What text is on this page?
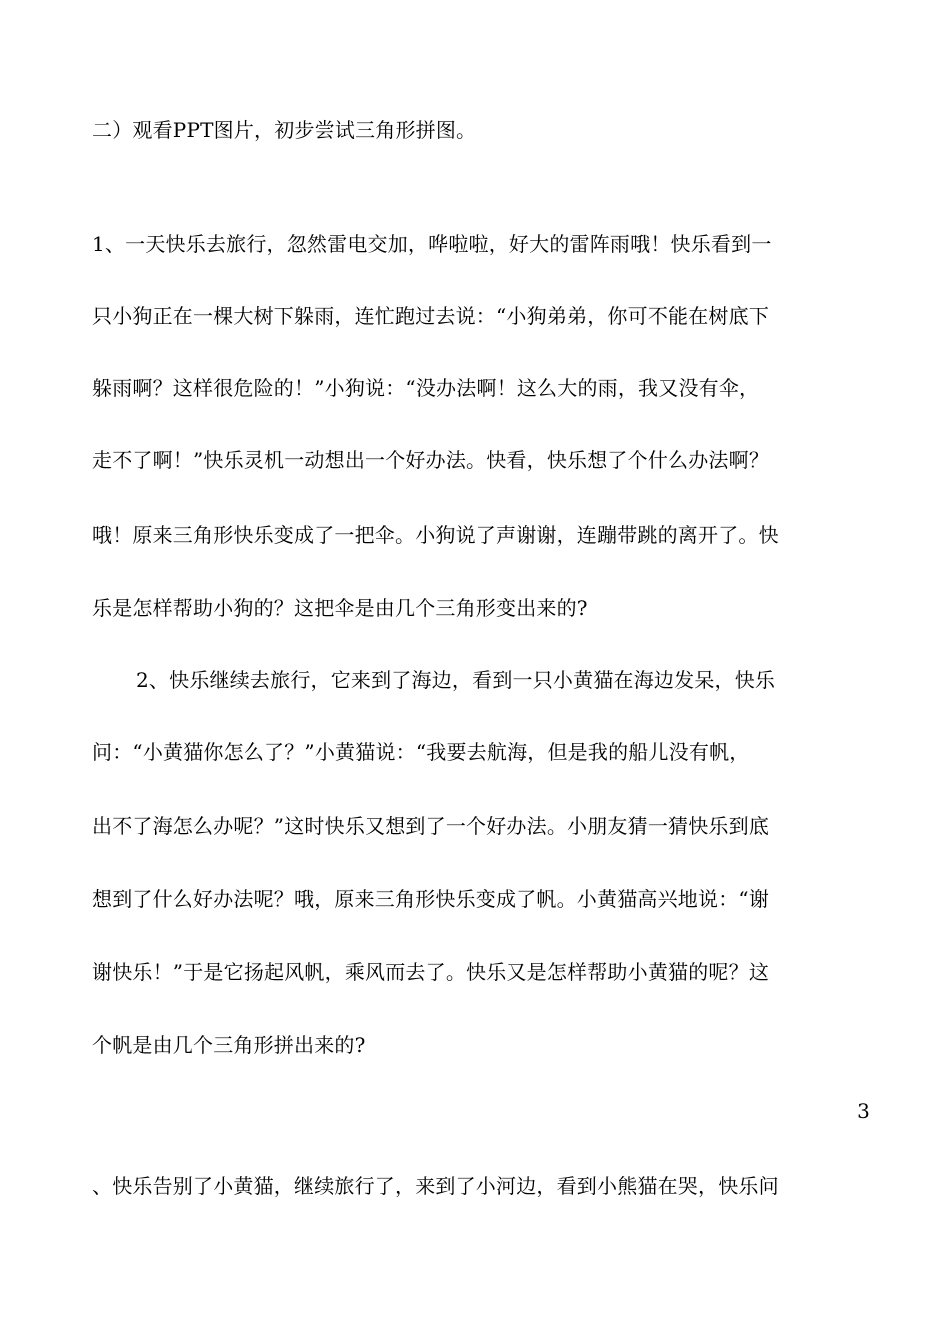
二）观看PPT图片，初步尝试三角形拼图。
1、一天快乐去旅行，忽然雷电交加，哗啦啦，好大的雷阵雨哦！快乐看到一
只小狗正在一棵大树下躲雨，连忙跑过去说：“小狗弟弟，你可不能在树底下
躲雨啊？这样很危险的！”小狗说：“没办法啊！这么大的雨，我又没有伞，
走不了啊！”快乐灵机一动想出一个好办法。快看，快乐想了个什么办法啊？
哦！原来三角形快乐变成了一把伞。小狗说了声谢谢，连蹦带跳的离开了。快
乐是怎样帮助小狗的？这把伞是由几个三角形变出来的?
2、快乐继续去旅行，它来到了海边，看到一只小黄猫在海边发呆，快乐
问：“小黄猫你怎么了？”小黄猫说：“我要去航海，但是我的船儿没有帆，
出不了海怎么办呢？”这时快乐又想到了一个好办法。小朋友猜一猜快乐到底
想到了什么好办法呢？哦，原来三角形快乐变成了帆。小黄猫高兴地说：“谢
谢快乐！”于是它扬起风帆，乘风而去了。快乐又是怎样帮助小黄猫的呢？这
个帆是由几个三角形拼出来的?
3
、快乐告别了小黄猫，继续旅行了，来到了小河边，看到小熊猫在哭，快乐问
